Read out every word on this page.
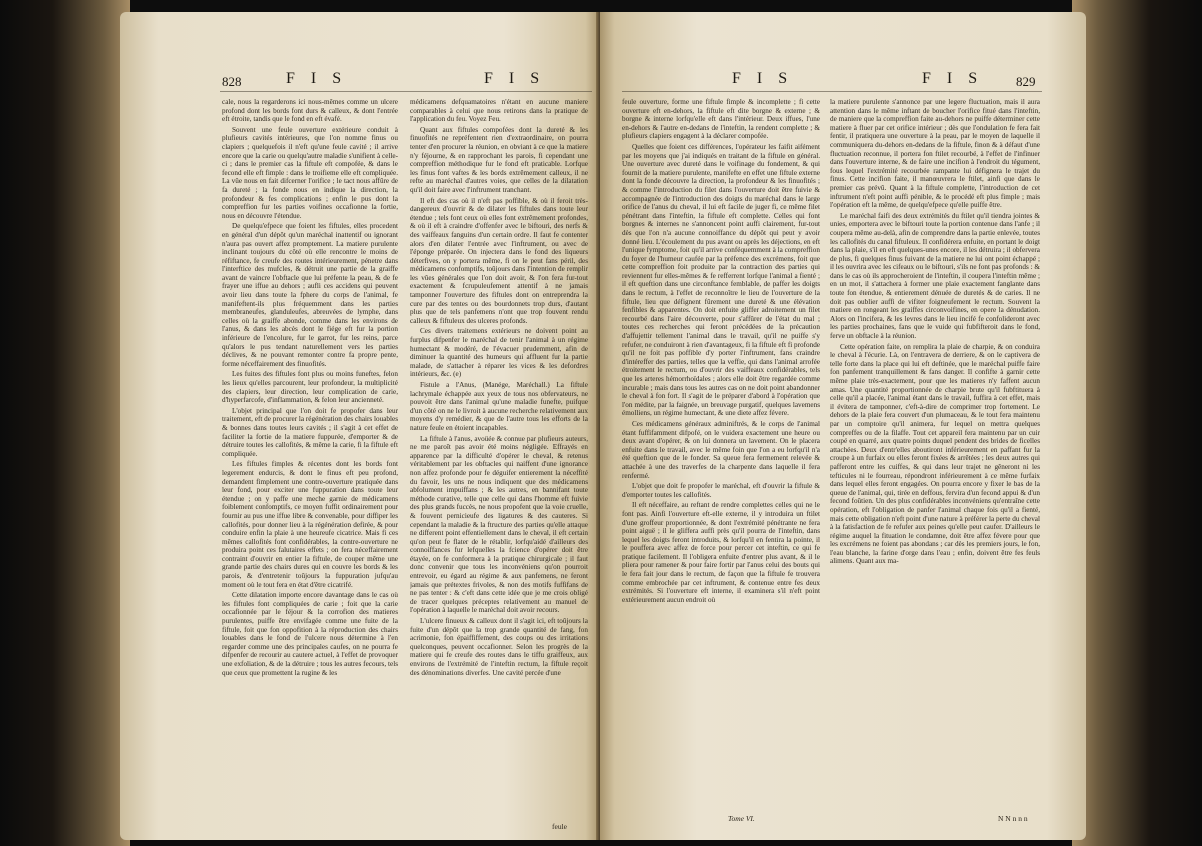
828	F I S	F I S

cale, nous la regarderons ici nous-mêmes comme un ulcere profond dont les bords font durs & calleux, & dont l'entrée eft étroite, tandis que le fond en eft évafé.

Souvent une feule ouverture extérieure conduit à plufieurs cavités intérieures, que l'on nomme finus ou clapiers ; quelquefois il n'eft qu'une feule cavité ; il arrive encore que la carie ou quelqu'autre maladie s'unifient à celle-ci ; dans le premier cas la fiftule eft compofée, & dans le fecond elle eft fimple : dans le troifieme elle eft compliquée. La vûe nous en fait difcerner l'orifice ; le tact nous affûre de fa dureté ; la fonde nous en indique la direction, la profondeur & fes complications ; enfin le pus dont la compreffion fur les parties voifines occafionne la fortie, nous en découvre l'étendue.

De quelqu'efpece que foient les fiftules, elles procedent en général d'un dépôt qu'un maréchal inattentif ou ignorant n'aura pas ouvert affez promptement. La matiere purulente inclinant toujours du côté où elle rencontre le moins de réfiftance, fe creufe des routes intérieurement, pénetre dans l'interftice des mufcles, & détruit une partie de la graiffe avant de vaincre l'obftacle que lui préfente la peau, & de fe frayer une iffue au dehors ; aufli ces accidens qui peuvent avoir lieu dans toute la fphere du corps de l'animal, fe manifeftent-ils plus fréquemment dans les parties membraneufes, glanduleufes, abreuvées de lymphe, dans celles où la graiffe abonde, comme dans les environs de l'anus, & dans les abcès dont le fiége eft fur la portion inférieure de l'encolure, fur le garrot, fur les reins, parce qu'alors le pus tendant naturellement vers les parties déclives, & ne pouvant remonter contre fa propre pente, forme néceffairement des finuofités.

Les fuites des fiftules font plus ou moins funeftes, felon les lieux qu'elles parcourent, leur profondeur, la multiplicité des clapiers, leur direction, leur complication de carie, d'hyperfarcofe, d'inflammation, & felon leur ancienneté.

L'objet principal que l'on doit fe propofer dans leur traitement, eft de procurer la régénération des chairs louables & bonnes dans toutes leurs cavités ; il s'agit à cet effet de faciliter la fortie de la matiere fuppurée, d'emporter & de détruire toutes les callofités, & même la carie, fi la fiftule eft compliquée.

Les fiftules fimples & récentes dont les bords font legerement endurcis, & dont le finus eft peu profond, demandent fimplement une contre-ouverture pratiquée dans leur fond, pour exciter une fuppuration dans toute leur étendue ; on y paffe une meche garnie de médicamens foiblement confomptifs, ce moyen fuffit ordinairement pour fournir au pus une iffue libre & convenable, pour diffiper les callofités, pour donner lieu à la régénération defirée, & pour conduire enfin la plaie à une heureufe cicatrice. Mais fi ces mêmes callofités font confidérables, la contre-ouverture ne produira point ces falutaires effets ; on fera néceffairement contraint d'ouvrir en entier la fiftule, de couper même une grande partie des chairs dures qui en couvre les bords & les parois, & d'entretenir toûjours la fuppuration jufqu'au moment où le tout fera en état d'être cicatrifé.

Cette dilatation importe encore davantage dans le cas où les fiftules font compliquées de carie ; foit que la carie occafionnée par le féjour & la corrofion des matieres purulentes, puiffe être envifagée comme une fuite de la fiftule, foit que fon oppofition à la réproduction des chairs louables dans le fond de l'ulcere nous détermine à l'en regarder comme une des principales caufes, on ne pourra fe difpenfer de recourir au cautere actuel, à l'effet de provoquer une exfoliation, & de la détruire ; tous les autres fecours, tels que ceux que promettent la rugine & les

médicamens defquamatoires n'étant en aucune maniere comparables à celui que nous retirons dans la pratique de l'application du feu. Voyez Feu.

Quant aux fiftules compofées dont la dureté & les finuofités ne repréfentent rien d'extraordinaire, on pourra tenter d'en procurer la réunion, en obviant à ce que la matiere n'y féjourne, & en rapprochant les parois, fi cependant une compreffion méthodique fur le fond eft praticable. Lorfque les finus font vaftes & les bords extrêmement calleux, il ne refte au maréchal d'autres voies, que celles de la dilatation qu'il doit faire avec l'inftrument tranchant.

Il eft des cas où il n'eft pas poffible, & où il feroit très-dangereux d'ouvrir & de dilater les fiftules dans toute leur étendue ; tels font ceux où elles font extrêmement profondes, & où il eft à craindre d'offenfer avec le biftouri, des nerfs & des vaiffeaux fanguins d'un certain ordre. Il faut fe contenter alors d'en dilater l'entrée avec l'inftrument, ou avec de l'éponge préparée. On injectera dans le fond des liqueurs déterfives, on y portera même, fi on le peut fans péril, des médicamens confomptifs, toûjours dans l'intention de remplir les vûes générales que l'on doit avoir, & l'on fera fur-tout exactement & fcrupuleufement attentif à ne jamais tamponner l'ouverture des fiftules dont on entreprendra la cure par des tentes ou des bourdonnets trop durs, d'autant plus que de tels panfemens n'ont que trop fouvent rendu calleux & fiftuleux des ulceres profonds.

Ces divers traitemens extérieurs ne doivent point au furplus difpenfer le maréchal de tenir l'animal à un régime humectant & modéré, de l'évacuer prudemment, afin de diminuer la quantité des humeurs qui affluent fur la partie malade, de s'attacher à réparer les vices & les defordres intérieurs, &c. (e)

Fistule a l'Anus, (Manége, Maréchall.) La fiftule lachrymale échappée aux yeux de tous nos obfervateurs, ne pouvoit être dans l'animal qu'une maladie funefte, puifque d'un côté on ne le livroit à aucune recherche relativement aux moyens d'y remédier, & que de l'autre tous les efforts de la nature feule en étoient incapables.

La fiftule à l'anus, avoüée & connue par plufieurs auteurs, ne me paroît pas avoir été moins négligée. Effrayés en apparence par la difficulté d'opérer le cheval, & retenus véritablement par les obftacles qui naiffent d'une ignorance non affez profonde pour fe déguifer entierement la néceffité du favoir, les uns ne nous indiquent que des médicamens abfolument impuiffans ; & les autres, en bannifant toute méthode curative, telle que celle qui dans l'homme eft fuivie des plus grands fuccès, ne nous propofent que la voie cruelle, & fouvent pernicieufe des ligatures & des cauteres. Si cependant la maladie & la ftructure des parties qu'elle attaque ne different point effentiellement dans le cheval, il eft certain qu'on peut fe flater de le rétablir, lorfqu'aidé d'ailleurs des connoiffances fur lefquelles la fcience d'opérer doit être étayée, on fe conformera à la pratique chirurgicale ; il faut donc convenir que tous les inconvéniens qu'on pourroit entrevoir, eu égard au régime & aux panfemens, ne feront jamais que prétextes frivoles, & non des motifs fuffifans de ne pas tenter : & c'eft dans cette idée que je me crois obligé de tracer quelques préceptes relativement au manuel de l'opération à laquelle le maréchal doit avoir recours.

L'ulcere finueux & calleux dont il s'agit ici, eft toûjours la fuite d'un dépôt que la trop grande quantité de fang, fon acrimonie, fon épaiffiffement, des coups ou des irritations quelconques, peuvent occafionner. Selon les progrès de la matiere qui fe creufe des routes dans le tiffu graiffeux, aux environs de l'extrémité de l'inteftin rectum, la fiftule reçoit des dénominations diverfes. Une cavité percée d'une

feule
F I S	F I S	829

feule ouverture, forme une fiftule fimple & incomplette ; fi cette ouverture eft en-dehors, la fiftule eft dite borgne & externe ; & borgne & interne lorfqu'elle eft dans l'intérieur. Deux iffues, l'une en-dehors & l'autre en-dedans de l'inteftin, la rendent complette ; & plufieurs clapiers engagent à la déclarer compofée.

Quelles que foient ces différences, l'opérateur les faifit aifément par les moyens que j'ai indiqués en traitant de la fiftule en général. Une ouverture avec dureté dans le voifinage du fondement, & qui fournit de la matiere purulente, manifefte en effet une fiftule externe dont la fonde découvre la direction, la profondeur & les finuofités ; & comme l'introduction du filet dans l'ouverture doit être fuivie & accompagnée de l'introduction des doigts du maréchal dans le large orifice de l'anus du cheval, il lui eft facile de juger fi, ce même filet pénétrant dans l'inteftin, la fiftule eft complette. Celles qui font borgnes & internes ne s'annoncent point auffi clairement, fur-tout dès que l'on n'a aucune connoiffance du dépôt qui peut y avoir donné lieu. L'écoulement du pus avant ou après les déjections, en eft l'unique fymptome, foit qu'il arrive conféquemment à la compreffion du foyer de l'humeur caufée par la préfence des excrémens, foit que cette compreffion foit produite par la contraction des parties qui reviennent fur elles-mêmes & fe refferrent lorfque l'animal a fienté ; il eft queftion dans une circonftance femblable, de paffer les doigts dans le rectum, à l'effet de reconnoître le lieu de l'ouverture de la fiftule, lieu que défignent fûrement une dureté & une élévation fenfibles & apparentes. On doit enfuite gliffer adroitement un filet recourbé dans l'aire découverte, pour s'affûrer de l'état du mal ; toutes ces recherches qui feront précédées de la précaution d'affujettir tellement l'animal dans le travail, qu'il ne puiffe s'y refufer, ne conduiront à rien d'avantageux, fi la fiftule eft fi profonde qu'il ne foit pas poffible d'y porter l'inftrument, fans craindre d'intéreffer des parties, telles que la veffie, qui dans l'animal arrofée étroitement le rectum, ou d'ouvrir des vaiffeaux confidérables, tels que les arteres hémorrhoïdales ; alors elle doit être regardée comme incurable ; mais dans tous les autres cas on ne doit point abandonner le cheval à fon fort. Il s'agit de le préparer d'abord à l'opération que l'on médite, par la faignée, un breuvage purgatif, quelques lavemens émolliens, un régime humectant, & une diete affez févere.

Ces médicamens généraux adminiftrés, & le corps de l'animal étant fuffifamment difpofé, on le vuidera exactement une heure ou deux avant d'opérer, & on lui donnera un lavement. On le placera enfuite dans le travail, avec le même foin que l'on a eu lorfqu'il n'a été queftion que de le fonder. Sa queue fera fermement relevée & attachée à une des traverfes de la charpente dans laquelle il fera renfermé.

L'objet que doit fe propofer le maréchal, eft d'ouvrir la fiftule & d'emporter toutes les callofités.

Il eft néceffaire, au reftant de rendre complettes celles qui ne le font pas. Ainfi l'ouverture eft-elle externe, il y introduira un ftilet d'une groffeur proportionnée, & dont l'extrémité pénétrante ne fera point aiguë ; il le gliffera auffi près qu'il pourra de l'inteftin, dans lequel les doigts feront introduits, & lorfqu'il en fentira la pointe, il le pouffera avec affez de force pour percer cet inteftin, ce qui fe pratique facilement. Il l'obligera enfuite d'entrer plus avant, & il le pliera pour ramener & pour faire fortir par l'anus celui des bouts qui le fera fait jour dans le rectum, de façon que la fiftule fe trouvera comme embrochée par cet inftrument, & contenue entre fes deux extrémités. Si l'ouverture eft interne, il examinera s'il n'eft point extérieurement aucun endroit où

la matiere purulente s'annonce par une legere fluctuation, mais il aura attention dans le même inftant de boucher l'orifice fitué dans l'inteftin, de maniere que la compreffion faite au-dehors ne puiffe déterminer cette matiere à fluer par cet orifice intérieur ; dès que l'ondulation fe fera fait fentir, il pratiquera une ouverture à la peau, par le moyen de laquelle il communiquera du-dehors en-dedans de la fiftule, finon & à défaut d'une fluctuation reconnue, il portera fon ftilet recourbé, à l'effet de l'infinuer dans l'ouverture interne, & de faire une incifion à l'endroit du tégument, fous lequel l'extrémité recourbée rampante lui défignera le trajet du finus. Cette incifion faite, il manœuvrera le ftilet, ainfi que dans le premier cas prévû. Quant à la fiftule complette, l'introduction de cet inftrument n'eft point auffi pénible, & le procédé eft plus fimple ; mais l'opération eft la même, de quelqu'efpece qu'elle puiffe être.

Le maréchal faifi des deux extrémités du ftilet qu'il tiendra jointes & unies, emportera avec le biftouri toute la portion contenue dans l'anfe ; il coupera même au-delà, afin de comprendre dans la partie enlevée, toutes les callofités du canal fiftuleux. Il confidérera enfuite, en portant le doigt dans la plaie, s'il en eft quelques-unes encore, il les détruira ; il obfervera de plus, fi quelques finus fuivant de la matiere ne lui ont point échappé ; il les ouvrira avec les cifeaux ou le biftouri, s'ils ne font pas profonds : & dans le cas où ils approcheroient de l'inteftin, il coupera l'inteftin même ; en un mot, il s'attachera à former une plaie exactement fanglante dans toute fon étendue, & entierement dénuée de duretés & de caries. Il ne doit pas oublier auffi de vifiter foigneufement le rectum. Souvent la matiere en rongeant les graiffes circonvoifines, en opere la dénudation. Alors on l'incifera, & les levres dans le lieu incifé fe confolideront avec les parties prochaines, fans que le vuide qui fubfifteroit dans le fond, ferve un obftacle à la réunion.

Cette opération faite, on remplira la plaie de charpie, & on conduira le cheval à l'écurie. Là, on l'entravera de derriere, & on le captivera de telle forte dans la place qui lui eft deftinée, que le maréchal puiffe faire fon panfement tranquillement & fans danger. Il confifte à garnir cette même plaie très-exactement, pour que les matieres n'y faffent aucun amas. Une quantité proportionnée de charpie brute qu'il fubftituera à celle qu'il a placée, l'animal étant dans le travail, fuffira à cet effet, mais il évitera de tamponner, c'eft-à-dire de comprimer trop fortement. Le dehors de la plaie fera couvert d'un plumaceau, & le tout fera maintenu par un comptoire qu'il animera, fur lequel on mettra quelques compreffes ou de la filaffe. Tout cet appareil fera maintenu par un cuir coupé en quarré, aux quatre points duquel pendent des brides de ficelles attachées. Deux d'entr'elles aboutiront inférieurement en paffant fur la croupe à un furfaix ou elles feront fixées & arrêtées ; les deux autres qui pafferont entre les cuiffes, & qui dans leur trajet ne gêneront ni les tefticules ni le fourreau, répondront inférieurement à ce même furfaix dans lequel elles feront engagées. On pourra encore y fixer le bas de la queue de l'animal, qui, tirée en deffous, fervira d'un fecond appui & d'un fecond foûtien. Un des plus confidérables inconvéniens qu'entraîne cette opération, eft l'obligation de panfer l'animal chaque fois qu'il a fienté, mais cette obligation n'eft point d'une nature à préférer la perte du cheval à la fatisfaction de fe refufer aux peines qu'elle peut caufer. D'ailleurs le régime auquel la fituation le condamne, doit être affez févere pour que les excrémens ne foient pas abondans ; car dès les premiers jours, le fon, l'eau blanche, la farine d'orge dans l'eau ; enfin, doivent être fes feuls alimens. Quant aux ma-

Tome VI.	N N n n n
